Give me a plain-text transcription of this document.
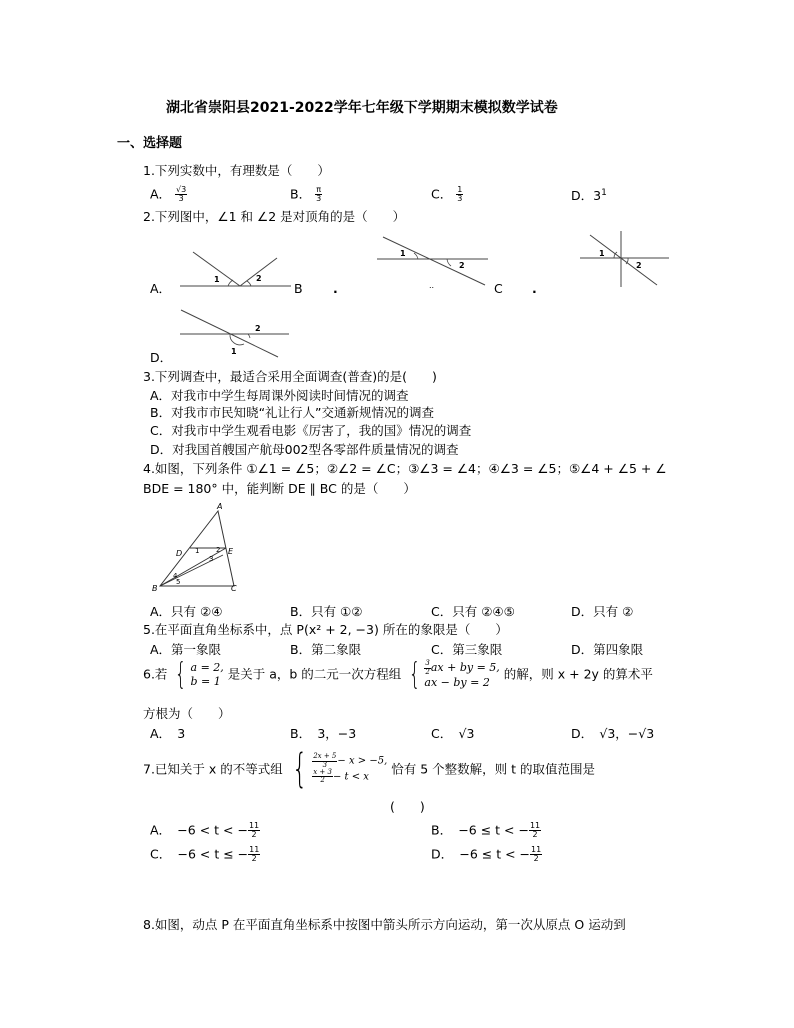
湖北省崇阳县2021-2022学年七年级下学期期末模拟数学试卷
一、选择题
1.下列实数中，有理数是（　　）
A． $\frac{√3}{3}$	B． $\frac{\pi}{3}$	C． $\frac{1}{3}$	D．$3^1$
2.下列图中，∠1 和 ∠2 是对顶角的是（　　）
1	2
1
2
1
2
2
1
A．	B .	..	C .
D．
3.下列调查中，最适合采用全面调查(普查)的是(　　)
A．对我市中学生每周课外阅读时间情况的调查
B．对我市市民知晓“礼让行人”交通新规情况的调查
C．对我市中学生观看电影《厉害了，我的国》情况的调查
D．对我国首艘国产航母002型各零部件质量情况的调查
4.如图，下列条件 ①∠1 = ∠5；②∠2 = ∠C；③∠3 = ∠4；④∠3 = ∠5；⑤∠4 + ∠5 + ∠
BDE = 180° 中，能判断 DE ∥ BC 的是（　　）
A
D	E
B	C
1 2
3
4
5
A．只有 ②④	B．只有 ①②	C．只有 ②④⑤	D．只有 ②
5.在平面直角坐标系中，点 P(x² + 2, −3) 所在的象限是（　　）
A．第一象限	B．第二象限	C．第三象限	D．第四象限
6.若 { a = 2,
b = 1 是关于 a，b 的二元一次方程组 { $\frac{3}{2}$ ax + by = 5,
ax − by = 2
的解，则 x + 2y 的算术平
方根为（　　）
A．　3	B．　3，−3	C．　√3	D．　√3，−√3
7.已知关于 x 的不等式组 { $\frac{2x + 5}{3} - x > -5$,
$\frac{x + 3}{2} - t < x$
恰有 5 个整数解，则 t 的取值范围是
(　　)
A．　−6 < t < − $\frac{11}{2}$	B．　−6 ≤ t < − $\frac{11}{2}$
C．　−6 < t ≤ − $\frac{11}{2}$	D．　−6 ≤ t < − $\frac{11}{2}$
8.如图，动点 P 在平面直角坐标系中按图中箭头所示方向运动，第一次从原点 O 运动到
